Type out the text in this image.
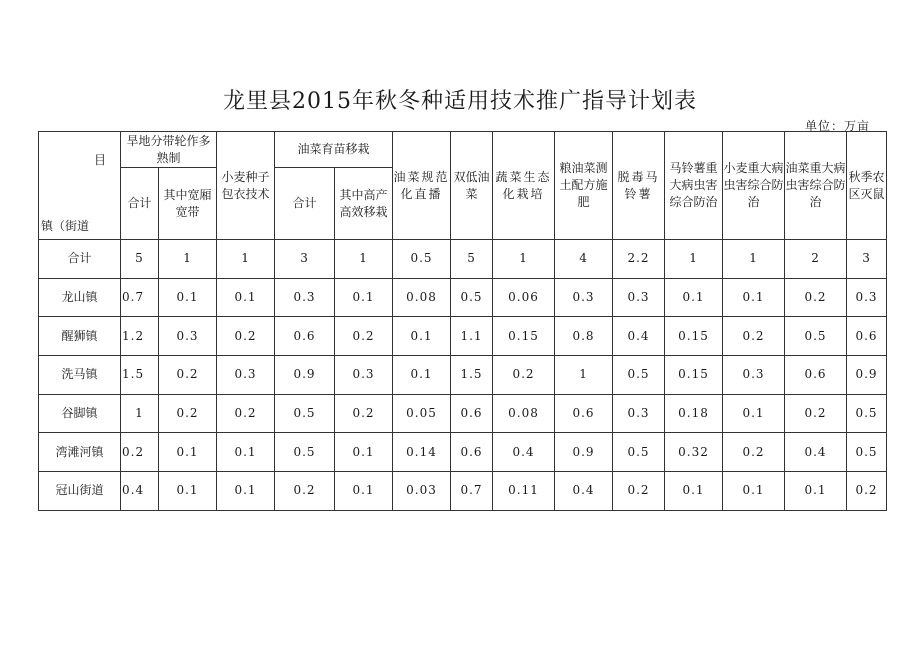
龙里县2015年秋冬种适用技术推广指导计划表
单位：万亩
目
镇（街道	旱地分带轮作多熟制		小麦种子包衣技术	油菜育苗移栽		油菜规范化直播	双低油菜	蔬菜生态化栽培	粮油菜测土配方施肥	脱毒马铃薯	马铃薯重大病虫害综合防治	小麦重大病虫害综合防治	油菜重大病虫害综合防治	秋季农区灭鼠
	合计	其中宽厢宽带		合计	其中高产高效移栽									
合计	5	1	1	3	1	0.5	5	1	4	2.2	1	1	2	3
龙山镇	0.7	0.1	0.1	0.3	0.1	0.08	0.5	0.06	0.3	0.3	0.1	0.1	0.2	0.3
醒狮镇	1.2	0.3	0.2	0.6	0.2	0.1	1.1	0.15	0.8	0.4	0.15	0.2	0.5	0.6
洗马镇	1.5	0.2	0.3	0.9	0.3	0.1	1.5	0.2	1	0.5	0.15	0.3	0.6	0.9
谷脚镇	1	0.2	0.2	0.5	0.2	0.05	0.6	0.08	0.6	0.3	0.18	0.1	0.2	0.5
湾滩河镇	0.2	0.1	0.1	0.5	0.1	0.14	0.6	0.4	0.9	0.5	0.32	0.2	0.4	0.5
冠山街道	0.4	0.1	0.1	0.2	0.1	0.03	0.7	0.11	0.4	0.2	0.1	0.1	0.1	0.2
